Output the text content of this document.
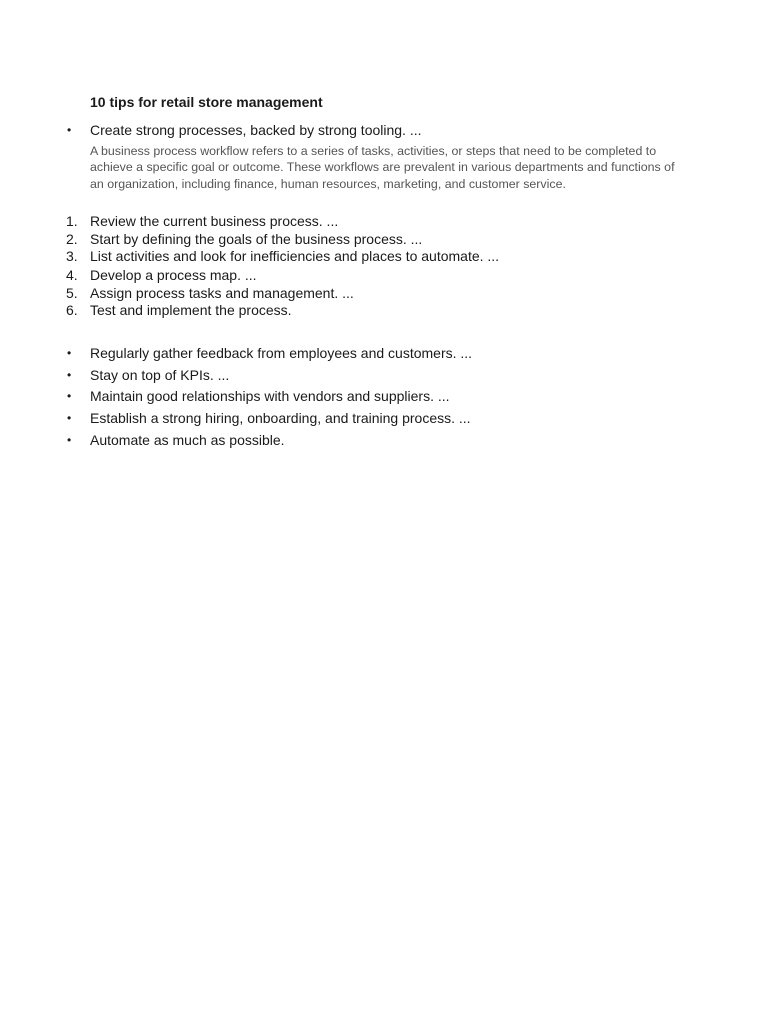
10 tips for retail store management
• Create strong processes, backed by strong tooling. ...
A business process workflow refers to a series of tasks, activities, or steps that need to be completed to achieve a specific goal or outcome. These workflows are prevalent in various departments and functions of an organization, including finance, human resources, marketing, and customer service.
1. Review the current business process. ...
2. Start by defining the goals of the business process. ...
3. List activities and look for inefficiencies and places to automate. ...
4. Develop a process map. ...
5. Assign process tasks and management. ...
6. Test and implement the process.
• Regularly gather feedback from employees and customers. ...
• Stay on top of KPIs. ...
• Maintain good relationships with vendors and suppliers. ...
• Establish a strong hiring, onboarding, and training process. ...
• Automate as much as possible.
